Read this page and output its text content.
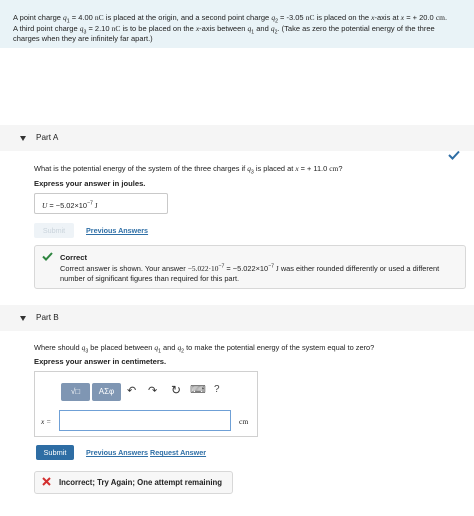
A point charge $q_1 = 4.00$ nC is placed at the origin, and a second point charge $q_2 = -3.05$ nC is placed on the x-axis at x = + 20.0 cm.
A third point charge $q_3 = 2.10$ nC is to be placed on the x-axis between $q_1$ and $q_2$. (Take as zero the potential energy of the three
charges when they are infinitely far apart.)
Part A
What is the potential energy of the system of the three charges if $q_3$ is placed at x = + 11.0 cm?
Express your answer in joules.
$U = -5.02\times 10^{-7}$ J
Submit	Previous Answers
Correct
Correct answer is shown. Your answer $-5.022\cdot 10^{-7} = -5.022\times 10^{-7}$ J was either rounded differently or used a different
number of significant figures than required for this part.
Part B
Where should $q_3$ be placed between $q_1$ and $q_2$ to make the potential energy of the system equal to zero?
Express your answer in centimeters.
√□	ΑΣφ	↶ ↷ ↻ ⌨ ?
x =	cm
Submit	Previous Answers Request Answer
Incorrect; Try Again; One attempt remaining
